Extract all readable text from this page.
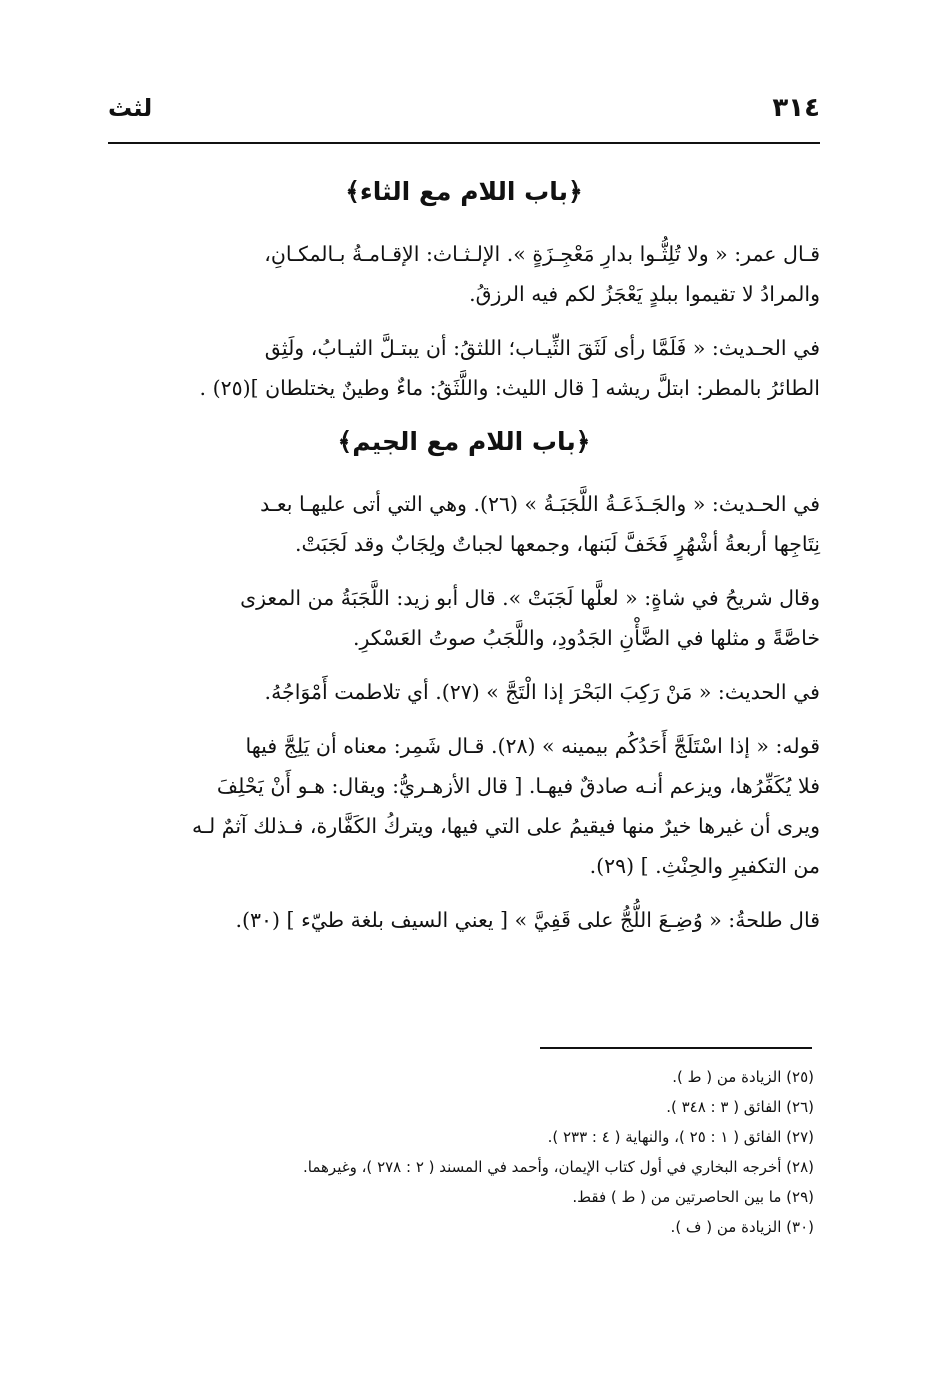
٣١٤
لثث
﴿باب اللام مع الثاء﴾

قـال عمر: « ولا تُلِثُّـوا بدارِ مَعْجِـزَةٍ ». الإلـثـاث: الإقـامـةُ بـالمكـانِ،
والمرادُ لا تقيموا ببلدٍ يَعْجَزُ لكم فيه الرزقُ.

في الحـديث: « فَلَمَّا رأى لَثَقَ الثِّيـاب؛ اللثقُ: أن يبتـلَّ الثيـابُ، ولَثِق
الطائرُ بالمطر: ابتلَّ ريشه [ قال الليث: واللَّثَقُ: ماءٌ وطينٌ يختلطان ](٢٥) .

﴿باب اللام مع الجيم﴾

في الحـديث: « والجَـذَعَـةُ اللَّجَبَـةُ » (٢٦). وهي التي أتى عليهـا بعـد
نِتَاجِها أربعةُ أشْهُرٍ فَخَفَّ لَبَنها، وجمعها لجباتٌ ولِجَابٌ وقد لَجَبَتْ.

وقال شريحُ في شاةٍ: « لعلَّها لَجَبَتْ ». قال أبو زيد: اللَّجَبَةُ من المعزى
خاصَّةً و مثلها في الضَّأْنِ الجَدُودِ، واللَّجَبُ صوتُ العَسْكرِ.

في الحديث: « مَنْ رَكِبَ البَحْرَ إذا الْتَجَّ » (٢٧). أي تلاطمت أَمْوَاجُهُ.

قوله: « إذا اسْتَلَجَّ أَحَدُكُم بيمينه » (٢٨). قـال شَمِر: معناه أن يَلِجَّ فيها
فلا يُكَفِّرُها، ويزعم أنـه صادقٌ فيهـا. [ قال الأزهـريُّ: ويقال: هـو أَنْ يَحْلِفَ
ويرى أن غيرها خيرٌ منها فيقيمُ على التي فيها، ويتركُ الكَفَّارة، فـذلك آثمٌ لـه
من التكفيرِ والحِنْثِ. ] (٢٩).

قال طلحةُ: « وُضِـعَ اللُّجُّ على قَفِيَّ » [ يعني السيف بلغة طيّء ] (٣٠).

(٢٥) الزيادة من ( ط ).
(٢٦) الفائق ( ٣ : ٣٤٨ ).
(٢٧) الفائق ( ١ : ٢٥ )، والنهاية ( ٤ : ٢٣٣ ).
(٢٨) أخرجه البخاري في أول كتاب الإيمان، وأحمد في المسند ( ٢ : ٢٧٨ )، وغيرهما.
(٢٩) ما بين الحاصرتين من ( ط ) فقط.
(٣٠) الزيادة من ( ف ).
